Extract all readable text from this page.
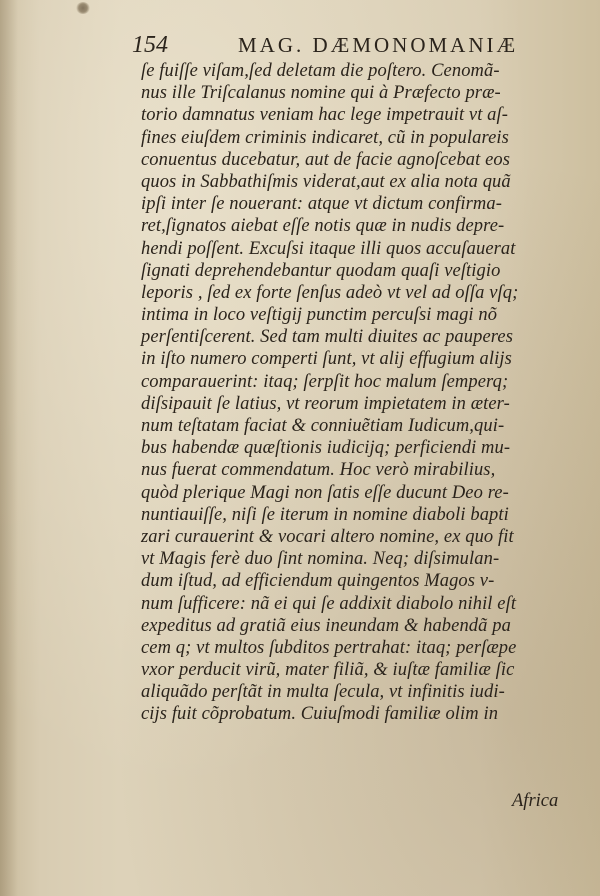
154	MAG. DÆMONOMANIÆ
ſe fuiſſe viſam,ſed deletam die poſtero. Cenomã-
nus ille Triſcalanus nomine qui à Præfecto præ-
torio damnatus veniam hac lege impetrauit vt aſ-
fines eiuſdem criminis indicaret, cũ in populareis
conuentus ducebatur, aut de facie agnoſcebat eos
quos in Sabbathiſmis viderat,aut ex alia nota quã
ipſi inter ſe nouerant: atque vt dictum confirma-
ret,ſignatos aiebat eſſe notis quæ in nudis depre-
hendi poſſent. Excuſsi itaque illi quos accuſauerat
ſignati deprehendebantur quodam quaſi veſtigio
leporis , ſed ex forte ſenſus adeò vt vel ad oſſa vſq;
intima in loco veſtigij punctim percuſsi magi nõ
perſentiſcerent. Sed tam multi diuites ac pauperes
in iſto numero comperti ſunt, vt alij effugium alijs
comparauerint: itaq; ſerpſit hoc malum ſemperq;
diſsipauit ſe latius, vt reorum impietatem in æter-
num teſtatam faciat & conniuẽtiam Iudicum,qui-
bus habendæ quæſtionis iudicijq; perficiendi mu-
nus fuerat commendatum. Hoc verò mirabilius,
quòd plerique Magi non ſatis eſſe ducunt Deo re-
nuntiauiſſe, niſi ſe iterum in nomine diaboli bapti
zari curauerint & vocari altero nomine, ex quo fit
vt Magis ferè duo ſint nomina. Neq; diſsimulan-
dum iſtud, ad efficiendum quingentos Magos v-
num ſufficere: nã ei qui ſe addixit diabolo nihil eſt
expeditus ad gratiã eius ineundam & habendã pa
cem q; vt multos ſubditos pertrahat: itaq; perſæpe
vxor perducit virũ, mater filiã, & iuſtæ familiæ ſic
aliquãdo perſtãt in multa ſecula, vt infinitis iudi-
cijs fuit cõprobatum. Cuiuſmodi familiæ olim in
Africa
